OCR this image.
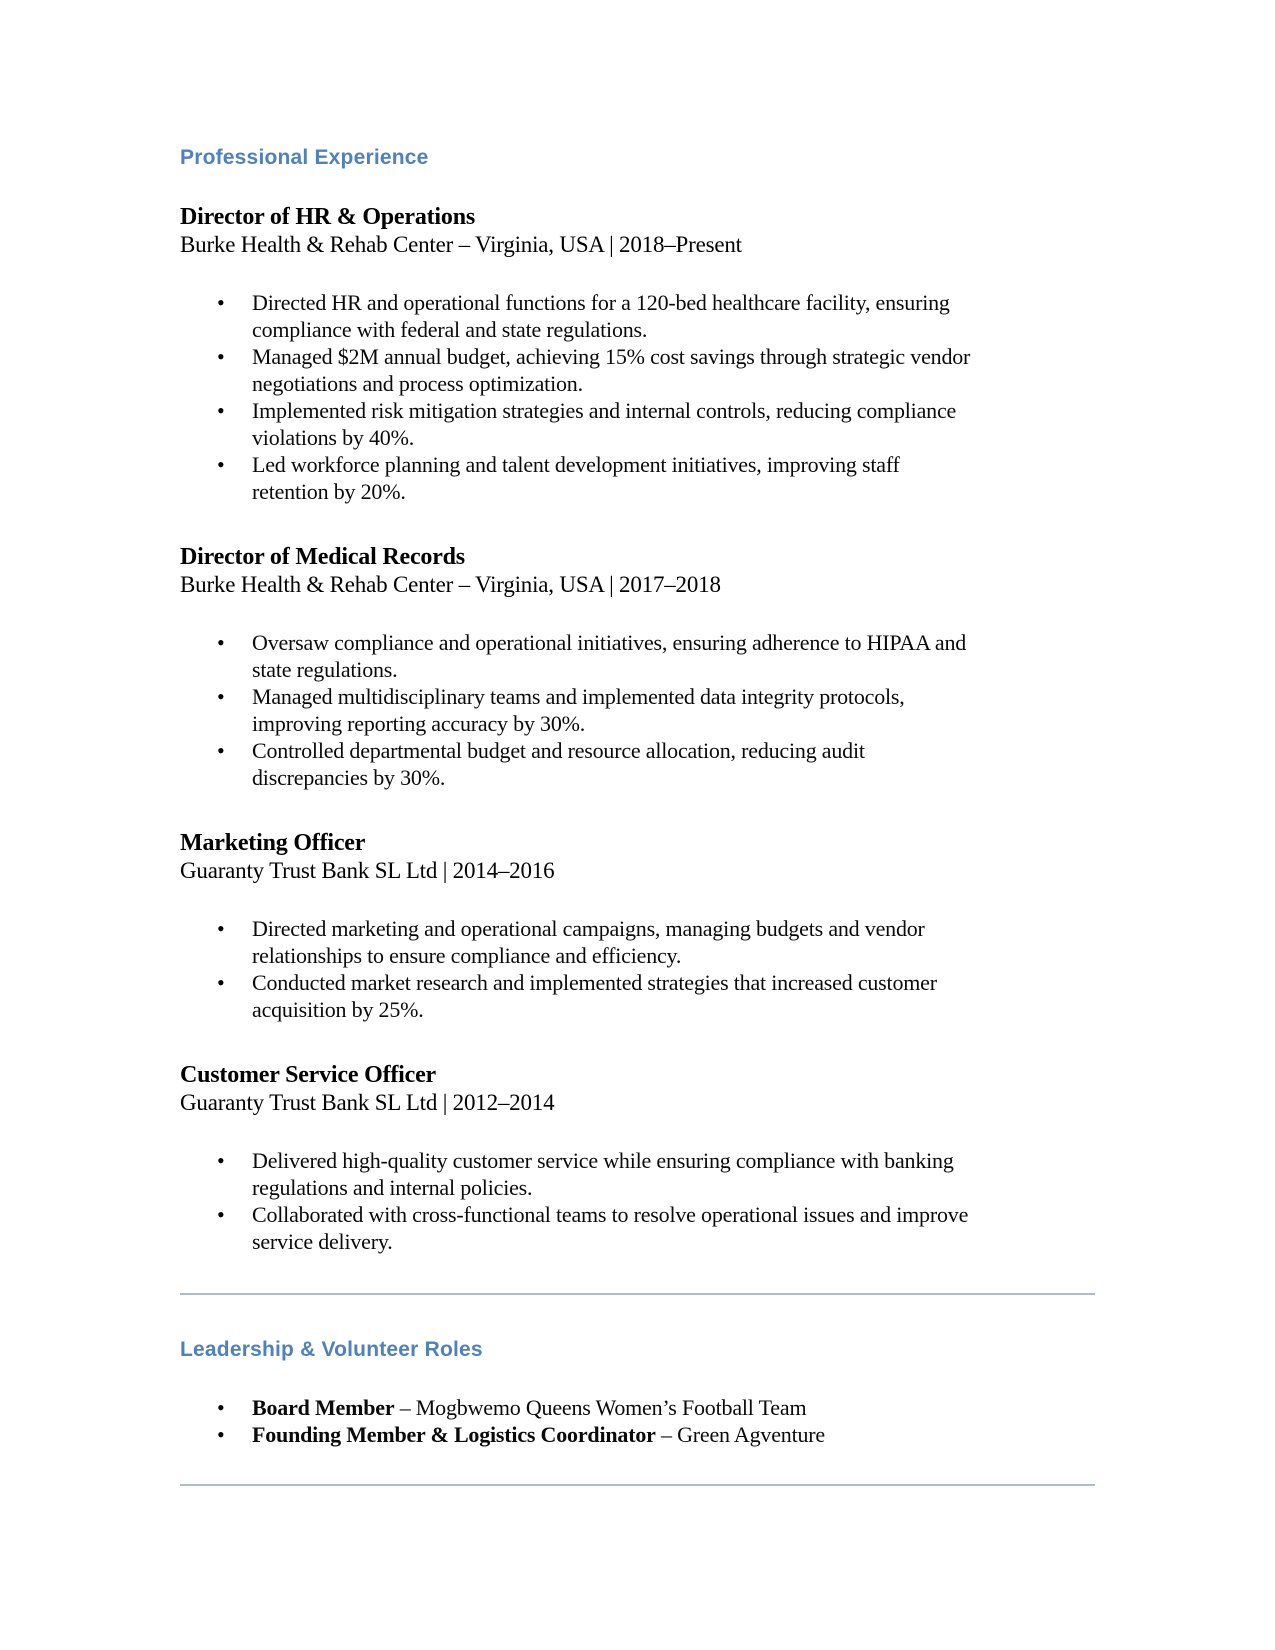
Professional Experience
Director of HR & Operations
Burke Health & Rehab Center – Virginia, USA | 2018–Present
• Directed HR and operational functions for a 120-bed healthcare facility, ensuring
compliance with federal and state regulations.
• Managed $2M annual budget, achieving 15% cost savings through strategic vendor
negotiations and process optimization.
• Implemented risk mitigation strategies and internal controls, reducing compliance
violations by 40%.
• Led workforce planning and talent development initiatives, improving staff
retention by 20%.
Director of Medical Records
Burke Health & Rehab Center – Virginia, USA | 2017–2018
• Oversaw compliance and operational initiatives, ensuring adherence to HIPAA and
state regulations.
• Managed multidisciplinary teams and implemented data integrity protocols,
improving reporting accuracy by 30%.
• Controlled departmental budget and resource allocation, reducing audit
discrepancies by 30%.
Marketing Officer
Guaranty Trust Bank SL Ltd | 2014–2016
• Directed marketing and operational campaigns, managing budgets and vendor
relationships to ensure compliance and efficiency.
• Conducted market research and implemented strategies that increased customer
acquisition by 25%.
Customer Service Officer
Guaranty Trust Bank SL Ltd | 2012–2014
• Delivered high-quality customer service while ensuring compliance with banking
regulations and internal policies.
• Collaborated with cross-functional teams to resolve operational issues and improve
service delivery.
Leadership & Volunteer Roles
• Board Member – Mogbwemo Queens Women’s Football Team
• Founding Member & Logistics Coordinator – Green Agventure
